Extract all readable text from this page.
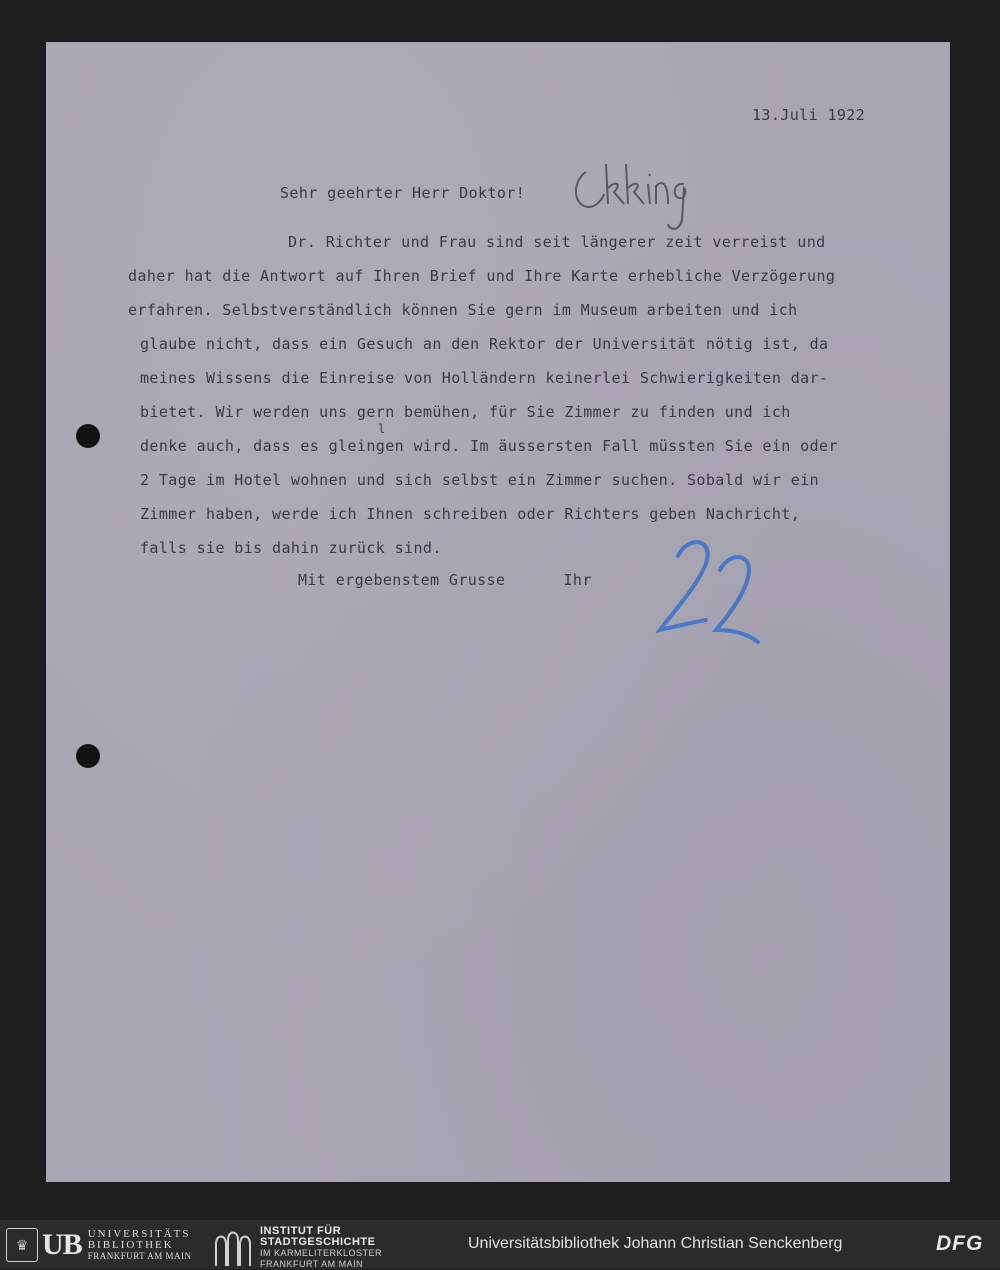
13.Juli 1922
Sehr geehrter Herr Doktor!
Ckking
Dr. Richter und Frau sind seit längerer zeit verreist und
daher hat die Antwort auf Ihren Brief und Ihre Karte erhebliche Verzögerung
erfahren. Selbstverständlich können Sie gern im Museum arbeiten und ich
glaube nicht, dass ein Gesuch an den Rektor der Universität nötig ist, da
meines Wissens die Einreise von Holländern keinerlei Schwierigkeiten dar-
bietet. Wir werden uns gern bemühen, für Sie Zimmer zu finden und ich
denke auch, dass es gleingen wird. Im äussersten Fall müssten Sie ein oder
2 Tage im Hotel wohnen und sich selbst ein Zimmer suchen. Sobald wir ein
Zimmer haben, werde ich Ihnen schreiben oder Richters geben Nachricht,
falls sie bis dahin zurück sind.
l
Mit ergebenstem Grusse	Ihr
22
♛ UB UNIVERSITÄTS
BIBLIOTHEK
FRANKFURT AM MAIN
INSTITUT FÜR
STADTGESCHICHTE
IM KARMELITERKLOSTER
FRANKFURT AM MAIN
Universitätsbibliothek Johann Christian Senckenberg	DFG
